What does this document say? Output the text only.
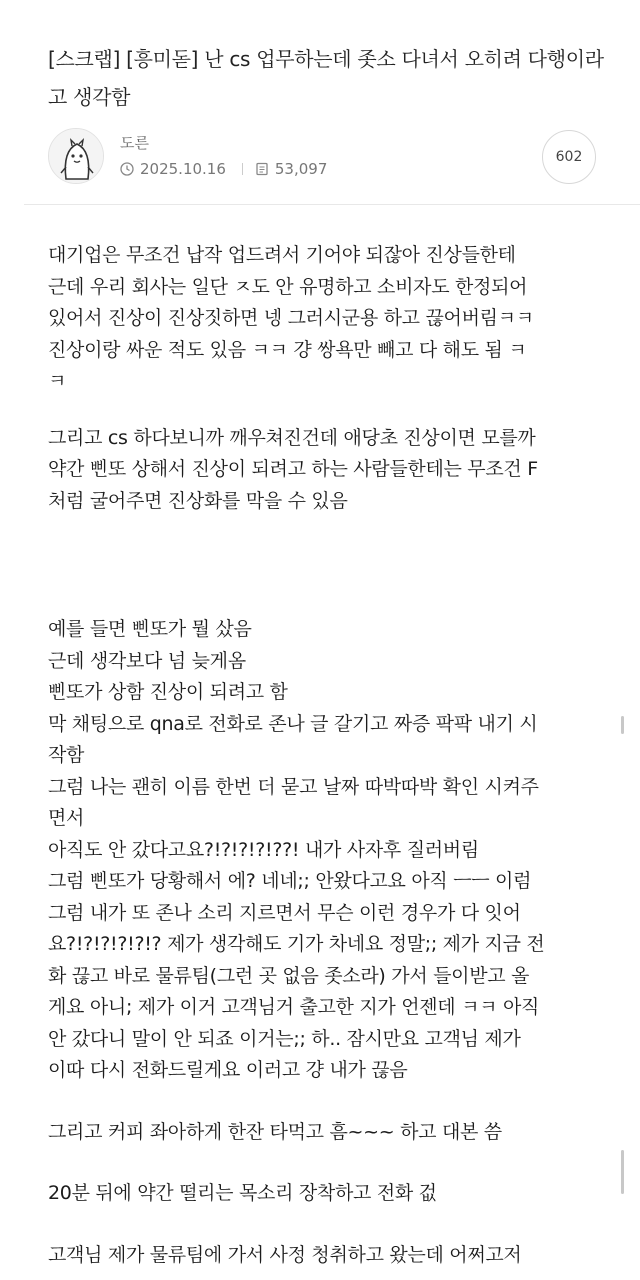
[스크랩] [흥미돋] 난 cs 업무하는데 좃소 다녀서 오히려 다행이라고 생각함
도른
2025.10.16	53,097
602
대기업은 무조건 납작 업드려서 기어야 되잖아 진상들한테
근데 우리 회사는 일단 ㅈ도 안 유명하고 소비자도 한정되어
있어서 진상이 진상짓하면 넹 그러시군용 하고 끊어버림ㅋㅋ
진상이랑 싸운 적도 있음 ㅋㅋ 걍 쌍욕만 빼고 다 해도 됨 ㅋ
ㅋ
그리고 cs 하다보니까 깨우쳐진건데 애당초 진상이면 모를까
약간 삔또 상해서 진상이 되려고 하는 사람들한테는 무조건 F
처럼 굴어주면 진상화를 막을 수 있음
예를 들면 삔또가 뭘 샀음
근데 생각보다 넘 늦게옴
삔또가 상함 진상이 되려고 함
막 채팅으로 qna로 전화로 존나 글 갈기고 짜증 팍팍 내기 시
작함
그럼 나는 괜히 이름 한번 더 묻고 날짜 따박따박 확인 시켜주
면서
아직도 안 갔다고요?!?!?!?!??! 내가 사자후 질러버림
그럼 삔또가 당황해서 에? 네네;; 안왔다고요 아직 ㅡㅡ 이럼
그럼 내가 또 존나 소리 지르면서 무슨 이런 경우가 다 잇어
요?!?!?!?!?!? 제가 생각해도 기가 차네요 정말;; 제가 지금 전
화 끊고 바로 물류팀(그런 곳 없음 좃소라) 가서 들이받고 올
게요 아니; 제가 이거 고객님거 출고한 지가 언젠데 ㅋㅋ 아직
안 갔다니 말이 안 되죠 이거는;; 하.. 잠시만요 고객님 제가
이따 다시 전화드릴게요 이러고 걍 내가 끊음
그리고 커피 좌아하게 한잔 타먹고 흠~~~ 하고 대본 씀
20분 뒤에 약간 떨리는 목소리 장착하고 전화 겂
고객님 제가 물류팀에 가서 사정 청취하고 왔는데 어쩌고저
